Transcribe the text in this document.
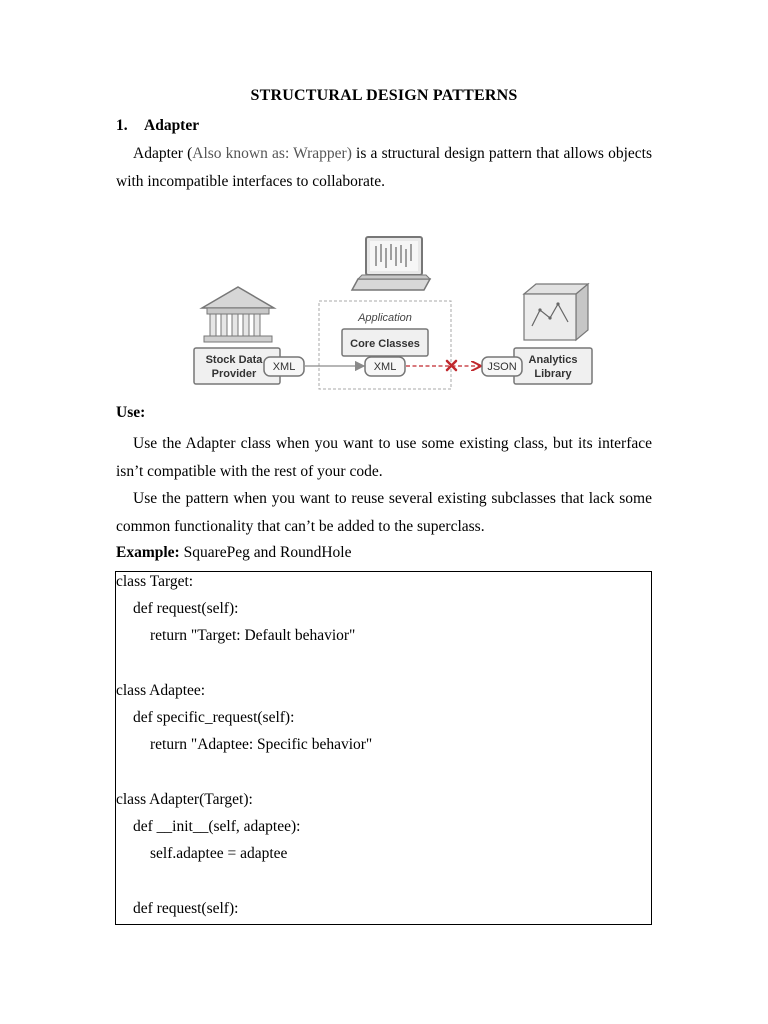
STRUCTURAL DESIGN PATTERNS
1. Adapter
Adapter (Also known as: Wrapper) is a structural design pattern that allows objects with incompatible interfaces to collaborate.
Application
Core Classes
Stock Data
Provider
XML	XML
Analytics
Library
JSON
Use:
Use the Adapter class when you want to use some existing class, but its interface isn’t compatible with the rest of your code.
Use the pattern when you want to reuse several existing subclasses that lack some common functionality that can’t be added to the superclass.
Example: SquarePeg and RoundHole
class Target:
def request(self):
return "Target: Default behavior"
class Adaptee:
def specific_request(self):
return "Adaptee: Specific behavior"
class Adapter(Target):
def __init__(self, adaptee):
self.adaptee = adaptee
def request(self):
